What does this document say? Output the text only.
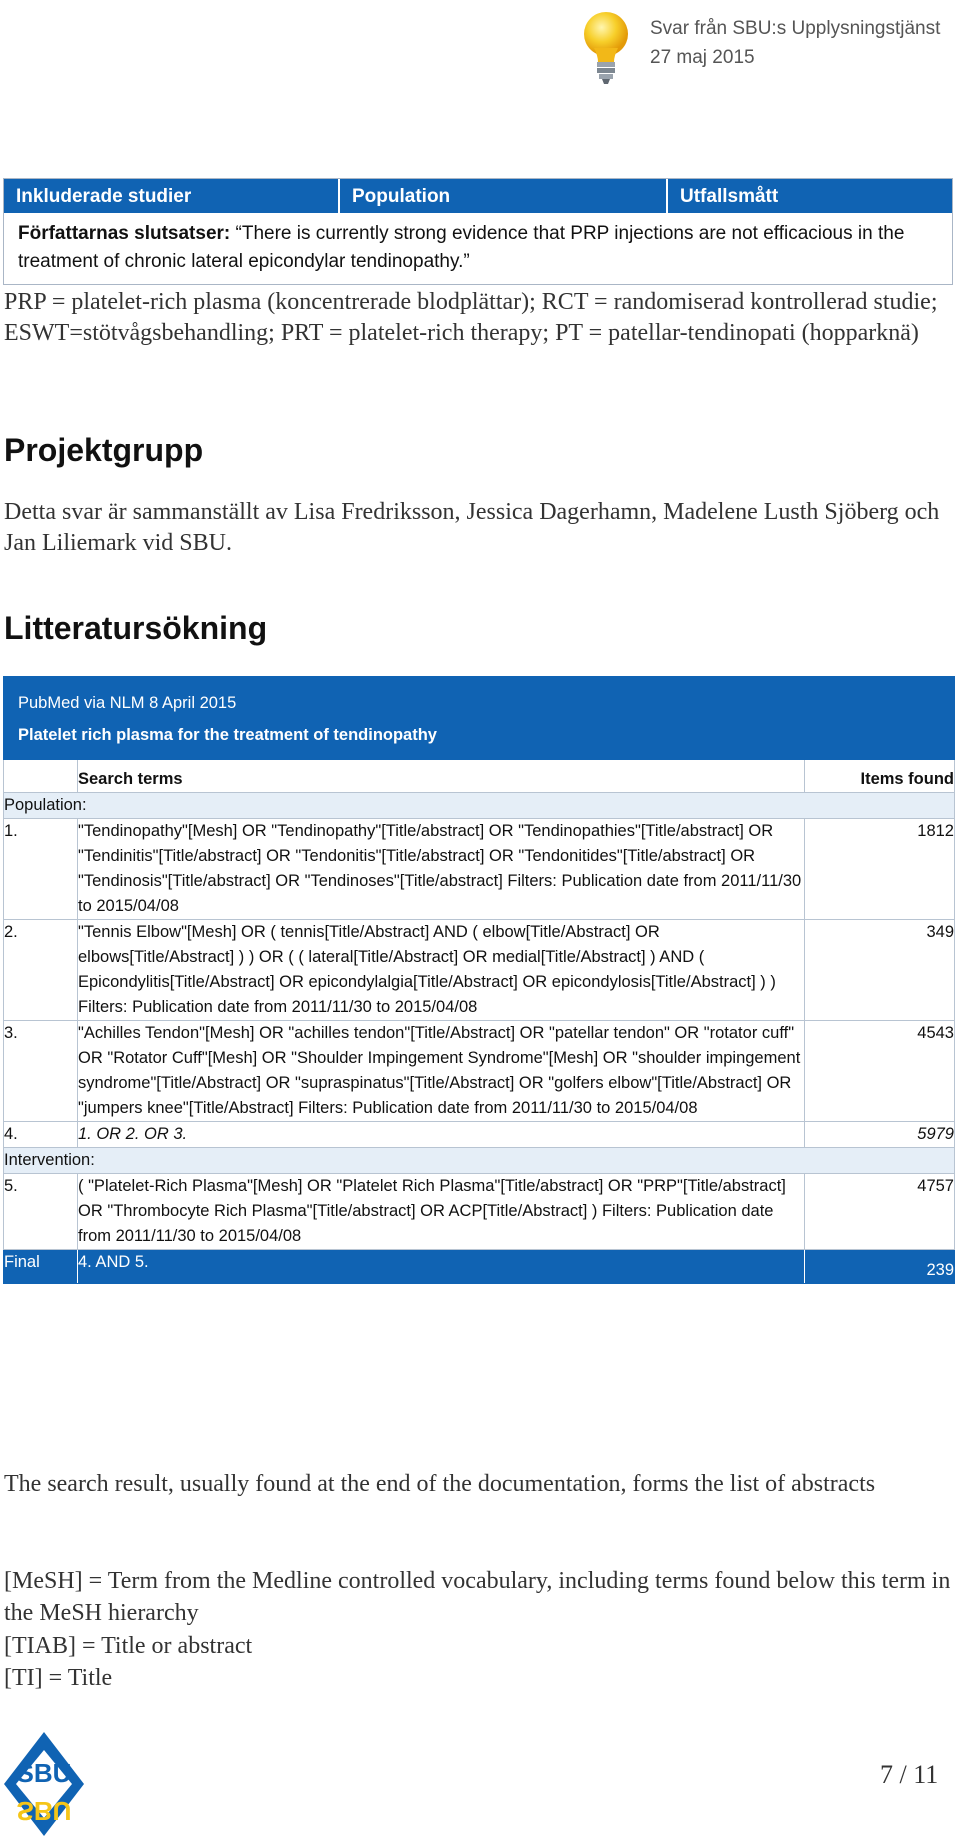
Svar från SBU:s Upplysningstjänst
27 maj 2015
Inkluderade studier	Population	Utfallsmått
Författarnas slutsatser: “There is currently strong evidence that PRP injections are not efficacious in the treatment of chronic lateral epicondylar tendinopathy.”
PRP = platelet-rich plasma (koncentrerade blodplättar); RCT = randomiserad kontrollerad studie; ESWT=stötvågsbehandling; PRT = platelet-rich therapy; PT = patellar-tendinopati (hopparknä)
Projektgrupp
Detta svar är sammanställt av Lisa Fredriksson, Jessica Dagerhamn, Madelene Lusth Sjöberg och Jan Liliemark vid SBU.
Litteratursökning
PubMed via NLM 8 April 2015
Platelet rich plasma for the treatment of tendinopathy		

	Search terms	Items found
Population:		
1.	"Tendinopathy"[Mesh] OR "Tendinopathy"[Title/abstract] OR "Tendinopathies"[Title/abstract] OR "Tendinitis"[Title/abstract] OR "Tendonitis"[Title/abstract] OR "Tendonitides"[Title/abstract] OR "Tendinosis"[Title/abstract] OR "Tendinoses"[Title/abstract] Filters: Publication date from 2011/11/30 to 2015/04/08	1812
2.	"Tennis Elbow"[Mesh] OR ( tennis[Title/Abstract] AND ( elbow[Title/Abstract] OR elbows[Title/Abstract] ) ) OR ( ( lateral[Title/Abstract] OR medial[Title/Abstract] ) AND ( Epicondylitis[Title/Abstract] OR epicondylalgia[Title/Abstract] OR epicondylosis[Title/Abstract] ) ) Filters: Publication date from 2011/11/30 to 2015/04/08	349
3.	"Achilles Tendon"[Mesh] OR "achilles tendon"[Title/Abstract] OR "patellar tendon" OR "rotator cuff" OR "Rotator Cuff"[Mesh] OR "Shoulder Impingement Syndrome"[Mesh] OR "shoulder impingement syndrome"[Title/Abstract] OR "supraspinatus"[Title/Abstract] OR "golfers elbow"[Title/Abstract] OR "jumpers knee"[Title/Abstract] Filters: Publication date from 2011/11/30 to 2015/04/08	4543
4.	1. OR 2. OR 3.	5979
Intervention:		
5.	( "Platelet-Rich Plasma"[Mesh] OR "Platelet Rich Plasma"[Title/abstract] OR "PRP"[Title/abstract] OR "Thrombocyte Rich Plasma"[Title/abstract] OR ACP[Title/Abstract] ) Filters: Publication date from 2011/11/30 to 2015/04/08	4757
Final	4. AND 5.	239
The search result, usually found at the end of the documentation, forms the list of abstracts
[MeSH] = Term from the Medline controlled vocabulary, including terms found below this term in the MeSH hierarchy
[TIAB] = Title or abstract
[TI] = Title
SBU
SBU
7 / 11
